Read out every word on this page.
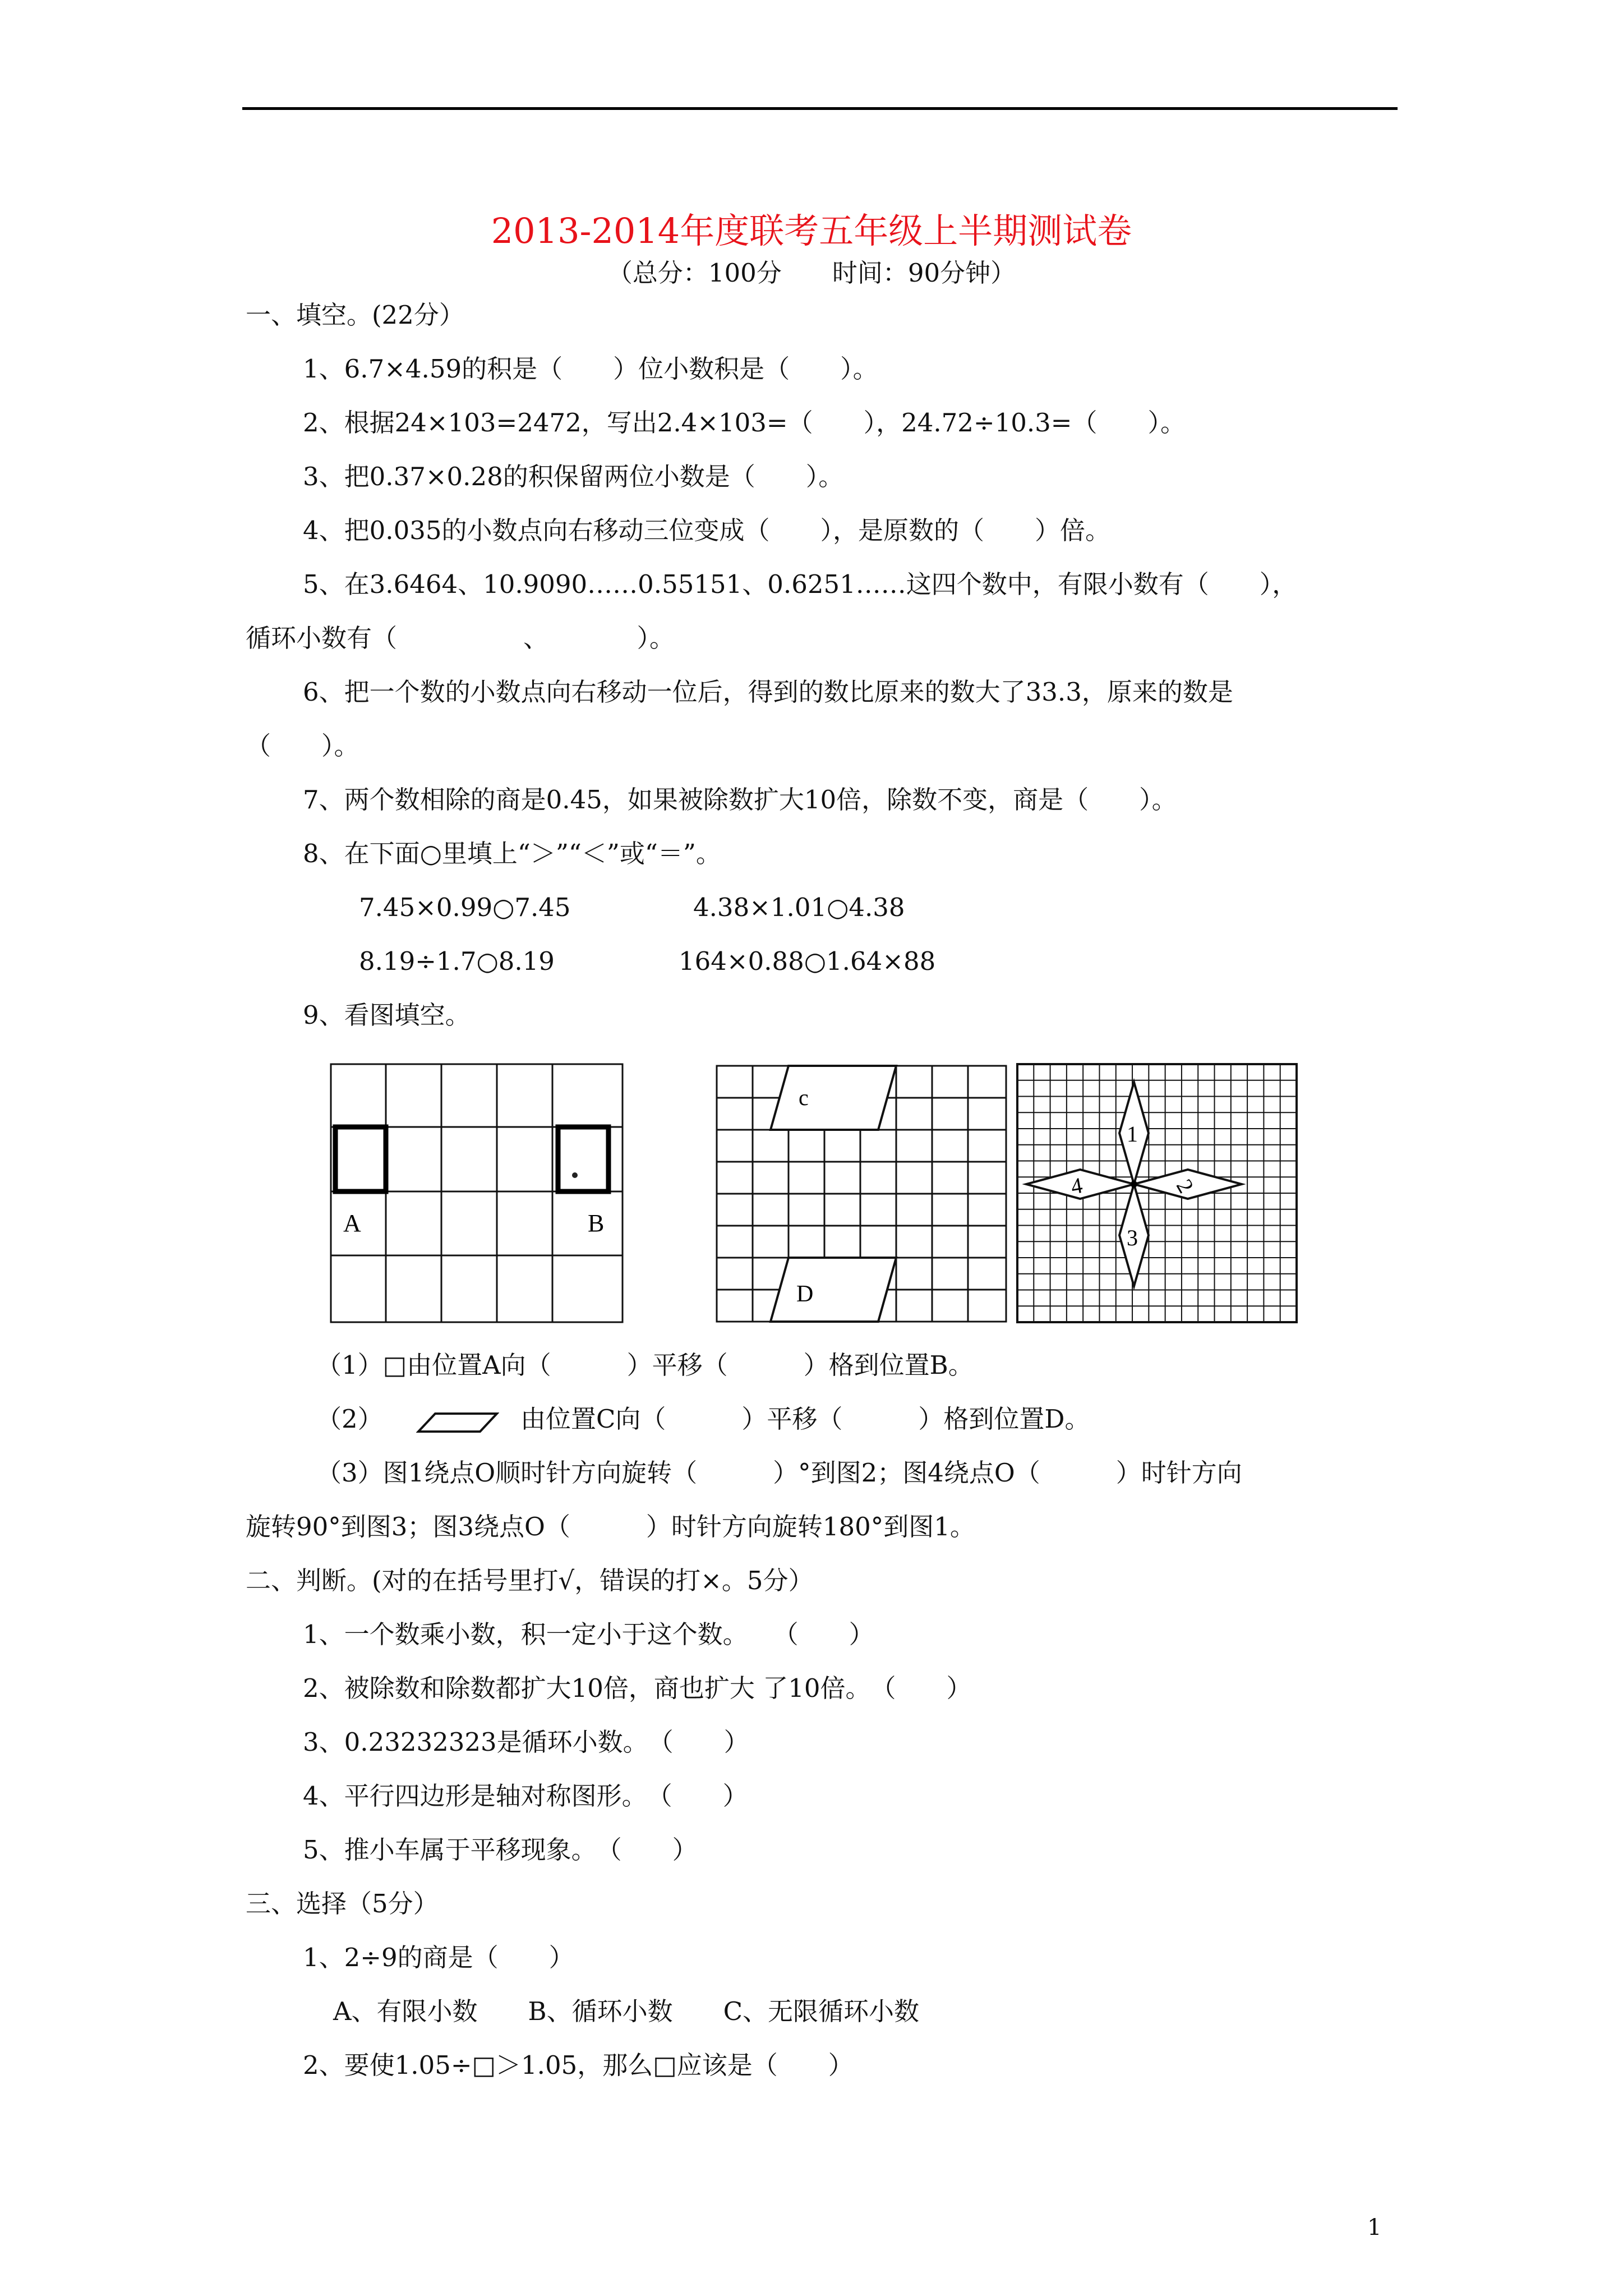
2013-2014年度联考五年级上半期测试卷
（总分：100分　　时间：90分钟）
一、填空。(22分）
1、6.7×4.59的积是（　　）位小数积是（　　）。
2、根据24×103=2472，写出2.4×103=（　　），24.72÷10.3=（　　）。
3、把0.37×0.28的积保留两位小数是（　　）。
4、把0.035的小数点向右移动三位变成（　　），是原数的（　　）倍。
5、在3.6464、10.9090……0.55151、0.6251……这四个数中，有限小数有（　　），
循环小数有（　　　　　、　　　　）。
6、把一个数的小数点向右移动一位后，得到的数比原来的数大了33.3，原来的数是
（　　）。
7、两个数相除的商是0.45，如果被除数扩大10倍，除数不变，商是（　　）。
8、在下面○里填上“＞”“＜”或“＝”。
7.45×0.99○7.45	4.38×1.01○4.38
8.19÷1.7○8.19	164×0.88○1.64×88
9、看图填空。
A	B
c
D
1
2
3
4
（1）□由位置A向（　　　）平移（　　　）格到位置B。
（2）	由位置C向（　　　）平移（　　　）格到位置D。
（3）图1绕点O顺时针方向旋转（　　　）°到图2；图4绕点O（　　　）时针方向
旋转90°到图3；图3绕点O（　　　）时针方向旋转180°到图1。
二、判断。(对的在括号里打√，错误的打×。5分）
1、一个数乘小数，积一定小于这个数。　　（　　）
2、被除数和除数都扩大10倍，商也扩大 了10倍。　（　　）
3、0.23232323是循环小数。　（　　）
4、平行四边形是轴对称图形。　（　　）
5、推小车属于平移现象。　（　　）
三、选择（5分）
1、2÷9的商是（　　）
A、有限小数　　B、循环小数　　C、无限循环小数
2、要使1.05÷□＞1.05，那么□应该是（　　）
1
